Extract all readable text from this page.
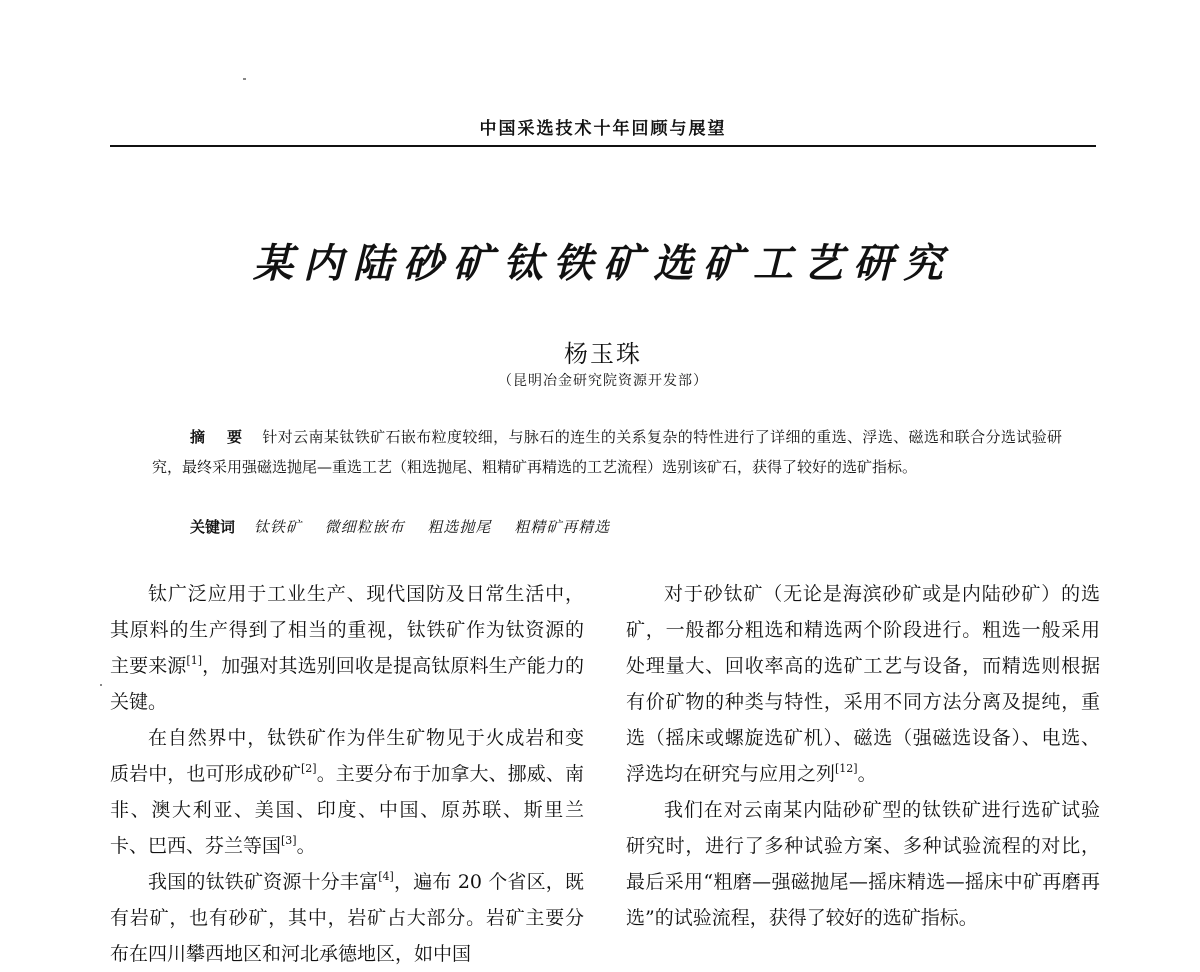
中国采选技术十年回顾与展望
某内陆砂矿钛铁矿选矿工艺研究
杨玉珠
（昆明冶金研究院资源开发部）
摘 要 针对云南某钛铁矿石嵌布粒度较细，与脉石的连生的关系复杂的特性进行了详细的重选、浮选、磁选和联合分选试验研究，最终采用强磁选抛尾—重选工艺（粗选抛尾、粗精矿再精选的工艺流程）选别该矿石，获得了较好的选矿指标。
关键词 钛铁矿 微细粒嵌布 粗选抛尾 粗精矿再精选

钛广泛应用于工业生产、现代国防及日常生活中，其原料的生产得到了相当的重视，钛铁矿作为钛资源的主要来源[1]，加强对其选别回收是提高钛原料生产能力的关键。

在自然界中，钛铁矿作为伴生矿物见于火成岩和变质岩中，也可形成砂矿[2]。主要分布于加拿大、挪威、南非、澳大利亚、美国、印度、中国、原苏联、斯里兰卡、巴西、芬兰等国[3]。

我国的钛铁矿资源十分丰富[4]，遍布 20 个省区，既有岩矿，也有砂矿，其中，岩矿占大部分。岩矿主要分布在四川攀西地区和河北承德地区，如中国

对于砂钛矿（无论是海滨砂矿或是内陆砂矿）的选矿，一般都分粗选和精选两个阶段进行。粗选一般采用处理量大、回收率高的选矿工艺与设备，而精选则根据有价矿物的种类与特性，采用不同方法分离及提纯，重选（摇床或螺旋选矿机）、磁选（强磁选设备）、电选、浮选均在研究与应用之列[12]。

我们在对云南某内陆砂矿型的钛铁矿进行选矿试验研究时，进行了多种试验方案、多种试验流程的对比，最后采用“粗磨—强磁抛尾—摇床精选—摇床中矿再磨再选”的试验流程，获得了较好的选矿指标。
